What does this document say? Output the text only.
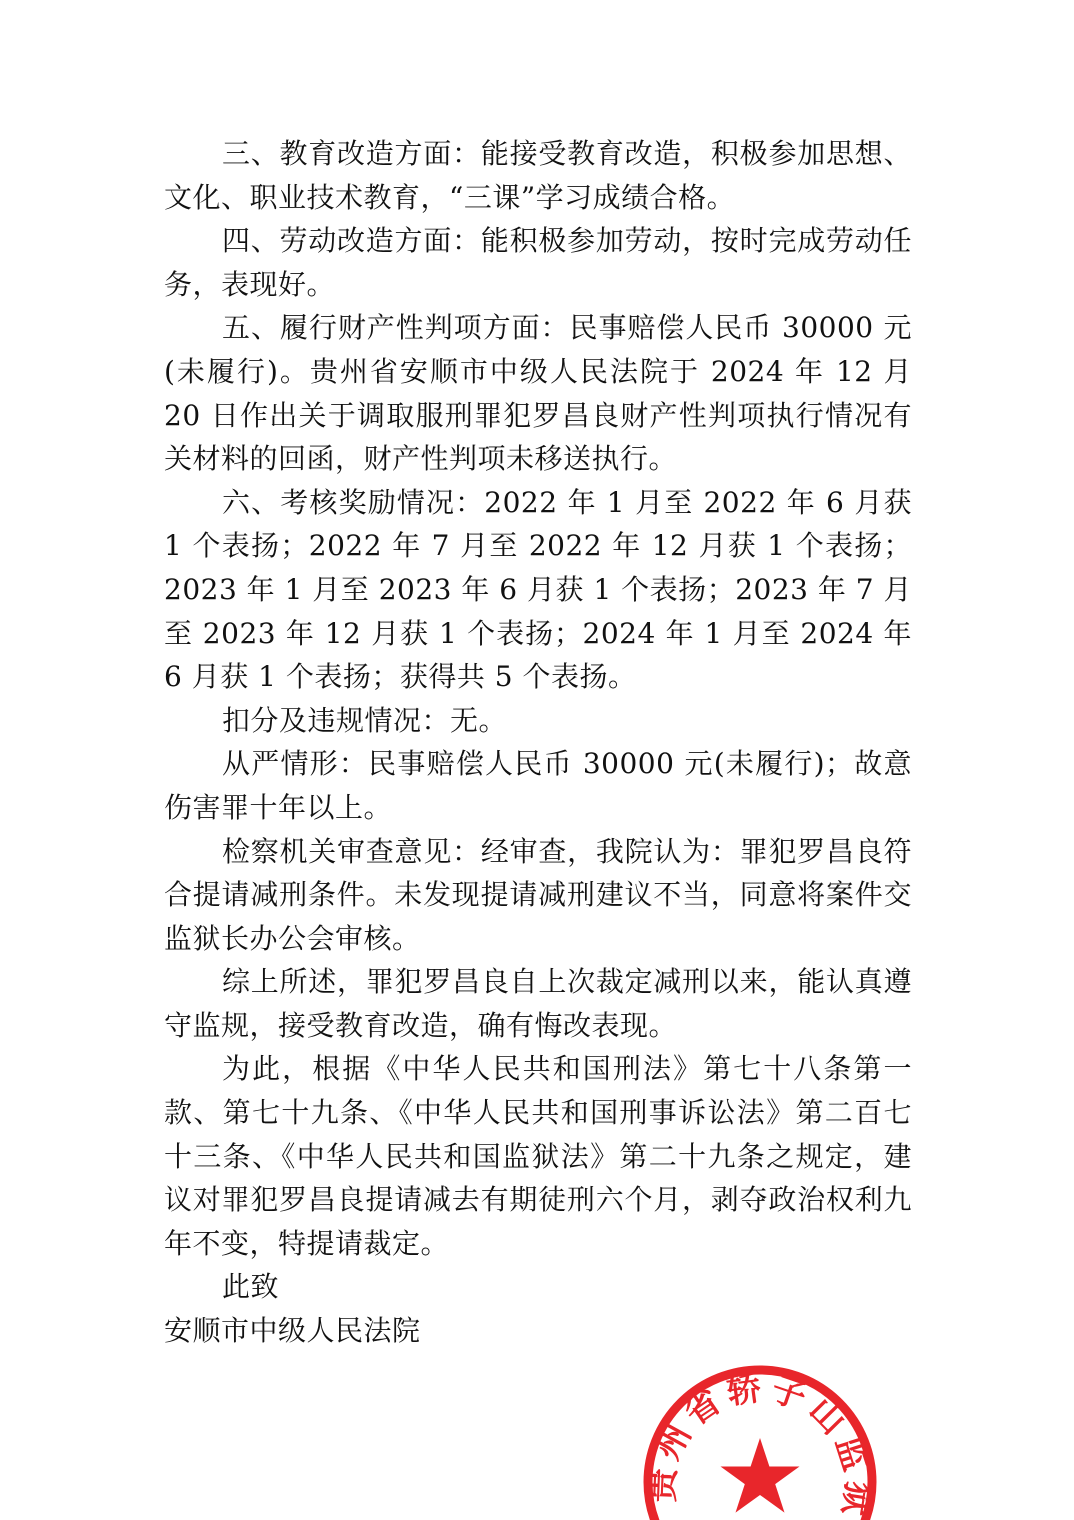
三、教育改造方面：能接受教育改造，积极参加思想、文化、职业技术教育，“三课”学习成绩合格。

四、劳动改造方面：能积极参加劳动，按时完成劳动任务，表现好。

五、履行财产性判项方面：民事赔偿人民币 30000 元(未履行)。贵州省安顺市中级人民法院于 2024 年 12 月 20 日作出关于调取服刑罪犯罗昌良财产性判项执行情况有关材料的回函，财产性判项未移送执行。

六、考核奖励情况：2022 年 1 月至 2022 年 6 月获 1 个表扬；2022 年 7 月至 2022 年 12 月获 1 个表扬；2023 年 1 月至 2023 年 6 月获 1 个表扬；2023 年 7 月至 2023 年 12 月获 1 个表扬；2024 年 1 月至 2024 年 6 月获 1 个表扬；获得共 5 个表扬。

扣分及违规情况：无。

从严情形：民事赔偿人民币 30000 元(未履行)；故意伤害罪十年以上。

检察机关审查意见：经审查，我院认为：罪犯罗昌良符合提请减刑条件。未发现提请减刑建议不当，同意将案件交监狱长办公会审核。

综上所述，罪犯罗昌良自上次裁定减刑以来，能认真遵守监规，接受教育改造，确有悔改表现。

为此，根据《中华人民共和国刑法》第七十八条第一款、第七十九条、《中华人民共和国刑事诉讼法》第二百七十三条、《中华人民共和国监狱法》第二十九条之规定，建议对罪犯罗昌良提请减去有期徒刑六个月，剥夺政治权利九年不变，特提请裁定。

此致

安顺市中级人民法院

贵州省轿子山监狱
